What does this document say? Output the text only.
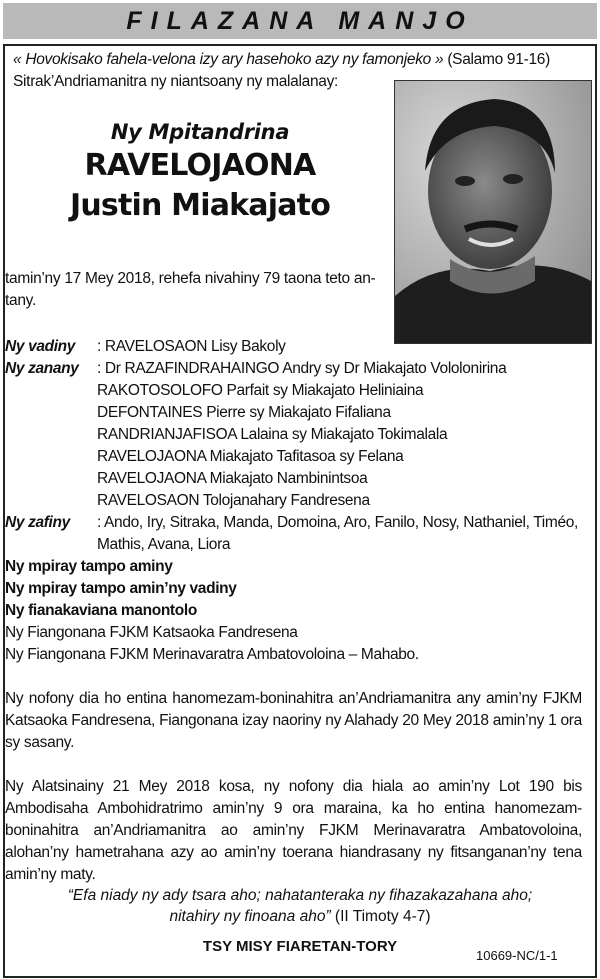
FILAZANA MANJO

« Hovokisako fahela-velona izy ary hasehoko azy ny famonjeko » (Salamo 91-16)

Sitrak’Andriamanitra ny niantsoany ny malalanay:

Ny Mpitandrina
RAVELOJAONA
Justin Miakajato
tamin’ny 17 Mey 2018, rehefa nivahiny 79 taona teto an-
tany.
Ny vadiny	: RAVELOSAON Lisy Bakoly
Ny zanany	: Dr RAZAFINDRAHAINGO Andry sy Dr Miakajato Vololonirina
RAKOTOSOLOFO Parfait sy Miakajato Heliniaina
DEFONTAINES Pierre sy Miakajato Fifaliana
RANDRIANJAFISOA Lalaina sy Miakajato Tokimalala
RAVELOJAONA Miakajato Tafitasoa sy Felana
RAVELOJAONA Miakajato Nambinintsoa
RAVELOSAON Tolojanahary Fandresena
Ny zafiny	: Ando, Iry, Sitraka, Manda, Domoina, Aro, Fanilo, Nosy, Nathaniel, Timéo,
Mathis, Avana, Liora
Ny mpiray tampo aminy
Ny mpiray tampo amin’ny vadiny
Ny fianakaviana manontolo
Ny Fiangonana FJKM Katsaoka Fandresena
Ny Fiangonana FJKM Merinavaratra Ambatovoloina – Mahabo.
Ny nofony dia ho entina hanomezam-boninahitra an’Andriamanitra any amin’ny FJKM Katsaoka Fandresena, Fiangonana izay naoriny ny Alahady 20 Mey 2018 amin’ny 1 ora sy sasany.
Ny Alatsinainy 21 Mey 2018 kosa, ny nofony dia hiala ao amin’ny Lot 190 bis Ambodisaha Ambohidratrimo amin’ny 9 ora maraina, ka ho entina hanomezam-boninahitra an’Andriamanitra ao amin’ny FJKM Merinavaratra Ambatovoloina, alohan’ny hametrahana azy ao amin’ny toerana hiandrasany ny fitsanganan’ny tena amin’ny maty.
“Efa niady ny ady tsara aho; nahatanteraka ny fihazakazahana aho;
nitahiry ny finoana aho” (II Timoty 4-7)
TSY MISY FIARETAN-TORY
10669-NC/1-1
